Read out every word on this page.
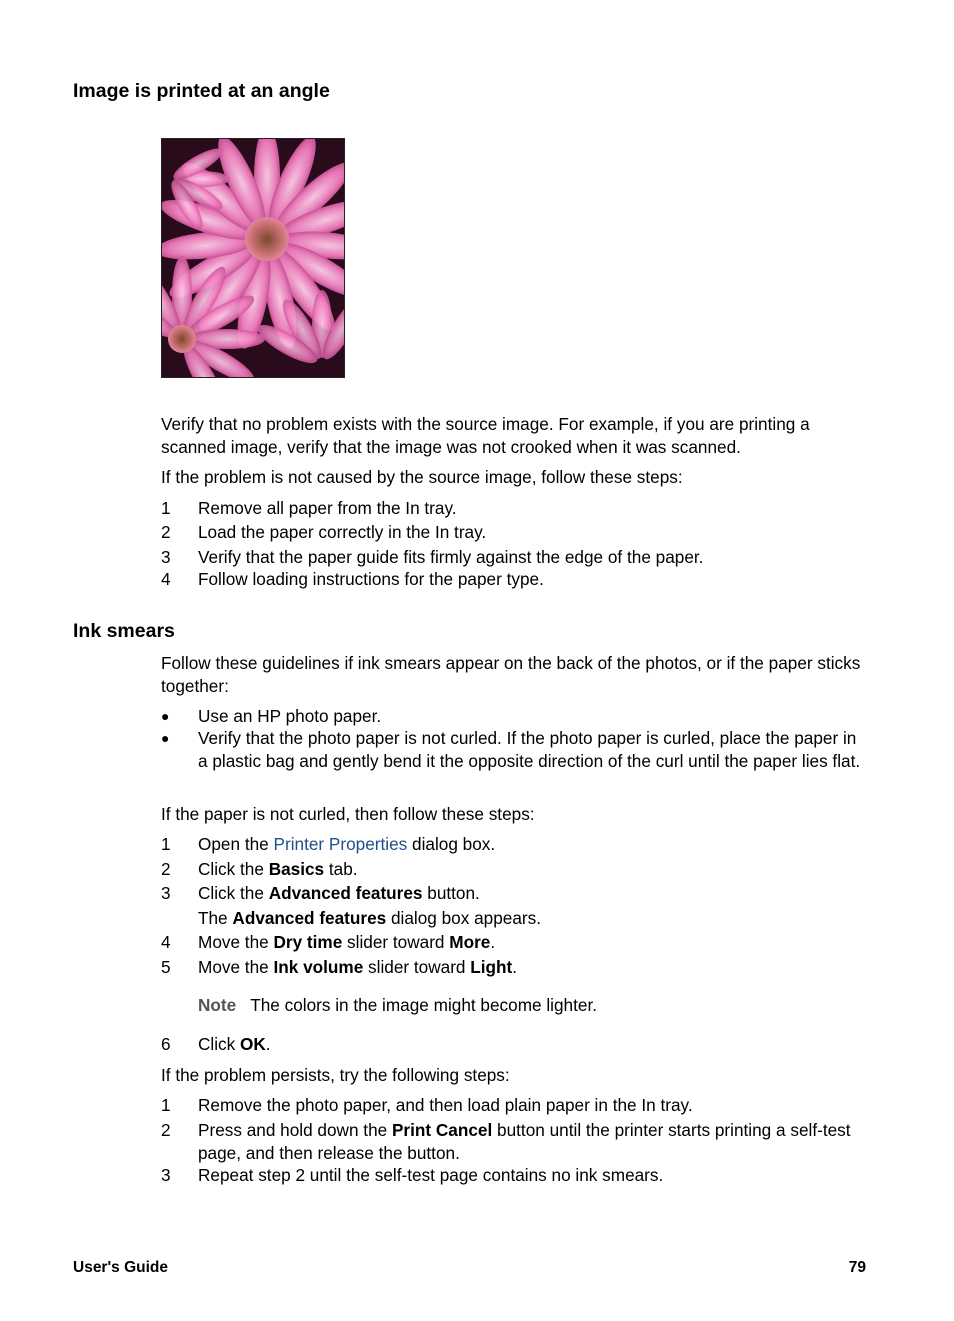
Image is printed at an angle
Verify that no problem exists with the source image. For example, if you are printing a scanned image, verify that the image was not crooked when it was scanned.
If the problem is not caused by the source image, follow these steps:
1	Remove all paper from the In tray.
2	Load the paper correctly in the In tray.
3	Verify that the paper guide fits firmly against the edge of the paper.
4	Follow loading instructions for the paper type.
Ink smears
Follow these guidelines if ink smears appear on the back of the photos, or if the paper sticks together:
●	Use an HP photo paper.
●	Verify that the photo paper is not curled. If the photo paper is curled, place the paper in a plastic bag and gently bend it the opposite direction of the curl until the paper lies flat.
If the paper is not curled, then follow these steps:
1	Open the Printer Properties dialog box.
2	Click the Basics tab.
3	Click the Advanced features button.
The Advanced features dialog box appears.
4	Move the Dry time slider toward More.
5	Move the Ink volume slider toward Light.
Note The colors in the image might become lighter.
6	Click OK.
If the problem persists, try the following steps:
1	Remove the photo paper, and then load plain paper in the In tray.
2	Press and hold down the Print Cancel button until the printer starts printing a self-test page, and then release the button.
3	Repeat step 2 until the self-test page contains no ink smears.
User's Guide	79
